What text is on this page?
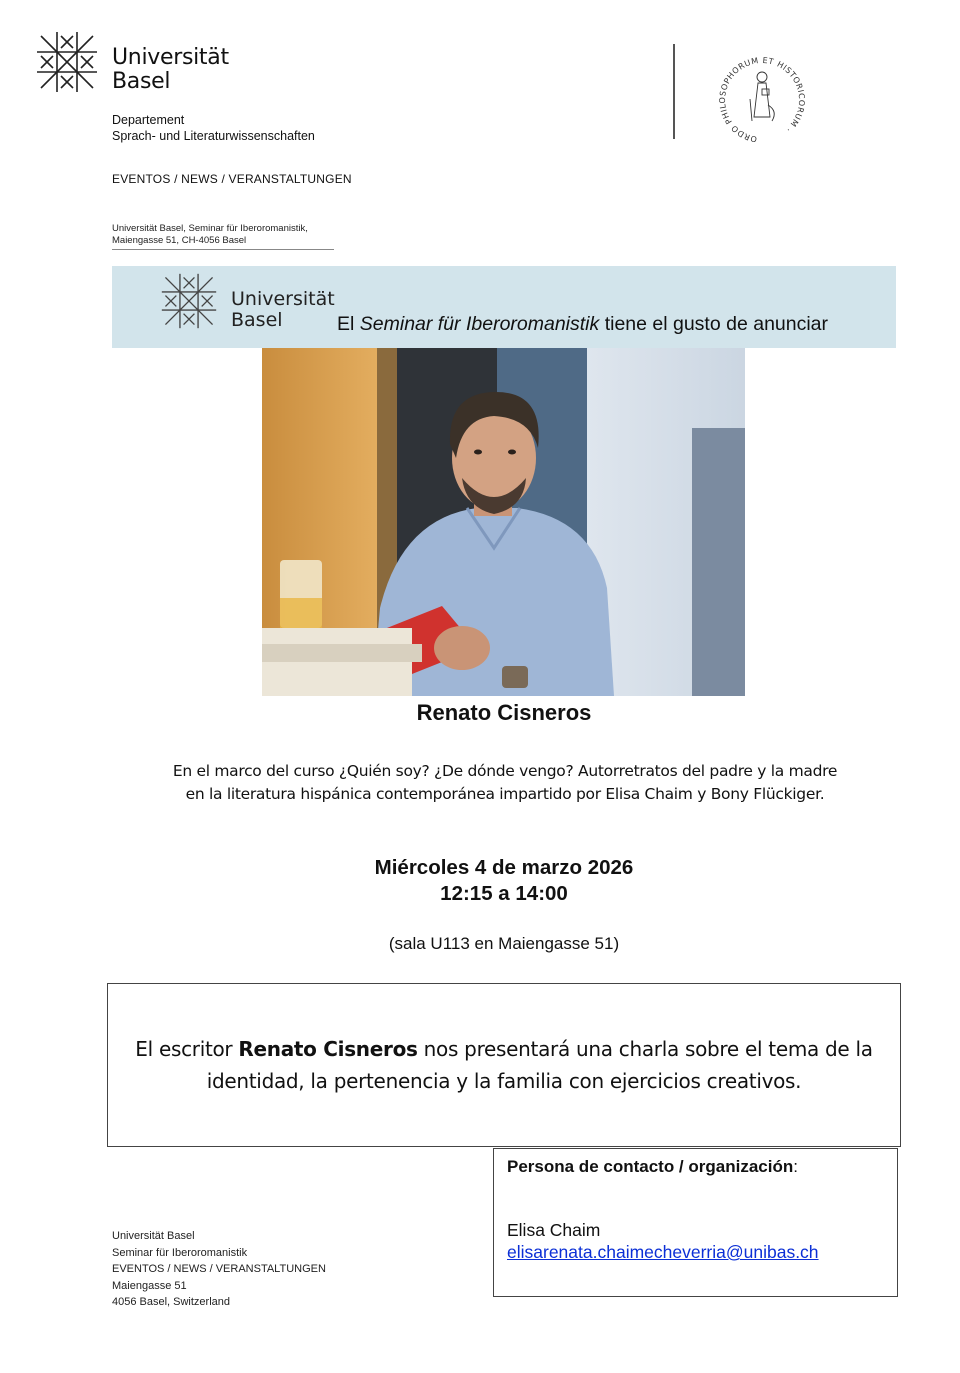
Universität
Basel
Departement
Sprach- und Literaturwissenschaften
EVENTOS / NEWS / VERANSTALTUNGEN
Universität Basel, Seminar für Iberoromanistik,
Maiengasse 51, CH-4056 Basel
ORDO PHILOSOPHORUM ET HISTORICORUM ·
Universität
Basel	El Seminar für Iberoromanistik tiene el gusto de anunciar
Renato Cisneros
En el marco del curso ¿Quién soy? ¿De dónde vengo? Autorretratos del padre y la madre
en la literatura hispánica contemporánea impartido por Elisa Chaim y Bony Flückiger.
Miércoles 4 de marzo 2026
12:15 a 14:00
(sala U113 en Maiengasse 51)
El escritor Renato Cisneros nos presentará una charla sobre el tema de la identidad, la pertenencia y la familia con ejercicios creativos.
Universität Basel
Seminar für Iberoromanistik
EVENTOS / NEWS / VERANSTALTUNGEN
Maiengasse 51
4056 Basel, Switzerland
Persona de contacto / organización:
Elisa Chaim
elisarenata.chaimecheverria@unibas.ch
